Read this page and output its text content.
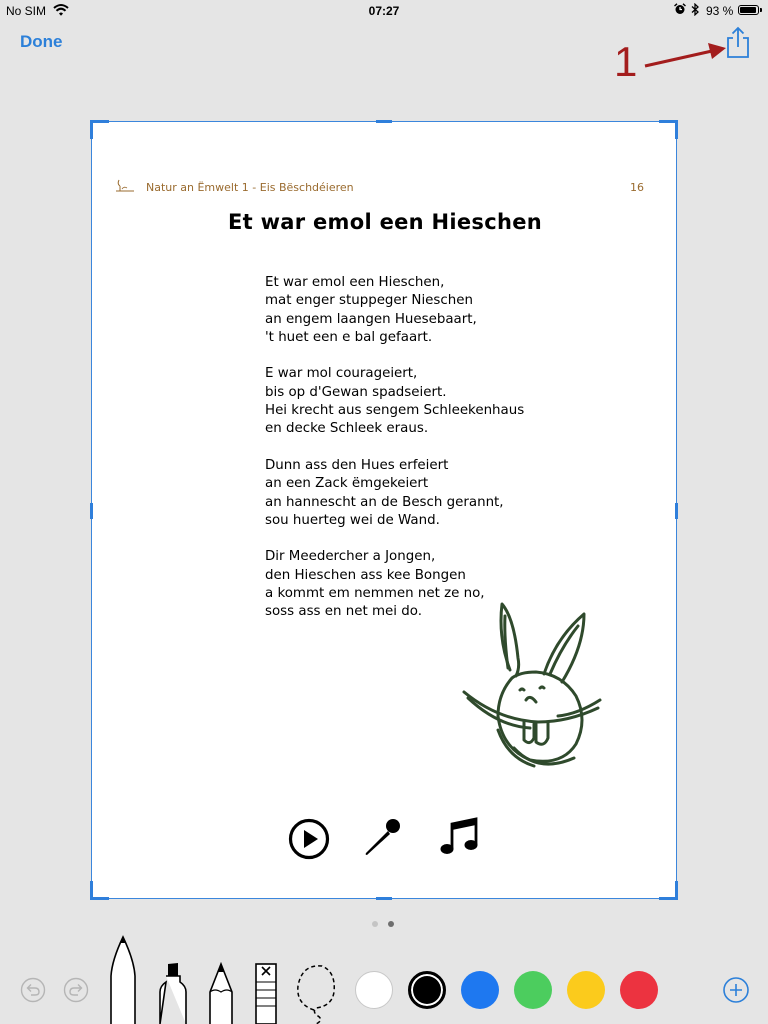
No SIM	07:27	93 %
Done	1
Natur an Ëmwelt 1 - Eis Bëschdéieren	16
Et war emol een Hieschen
Et war emol een Hieschen,
mat enger stuppeger Nieschen
an engem laangen Huesebaart,
't huet een e bal gefaart.
E war mol courageiert,
bis op d'Gewan spadseiert.
Hei krecht aus sengem Schleekenhaus
en decke Schleek eraus.
Dunn ass den Hues erfeiert
an een Zack ëmgekeiert
an hannescht an de Besch gerannt,
sou huerteg wei de Wand.
Dir Meedercher a Jongen,
den Hieschen ass kee Bongen
a kommt em nemmen net ze no,
soss ass en net mei do.
